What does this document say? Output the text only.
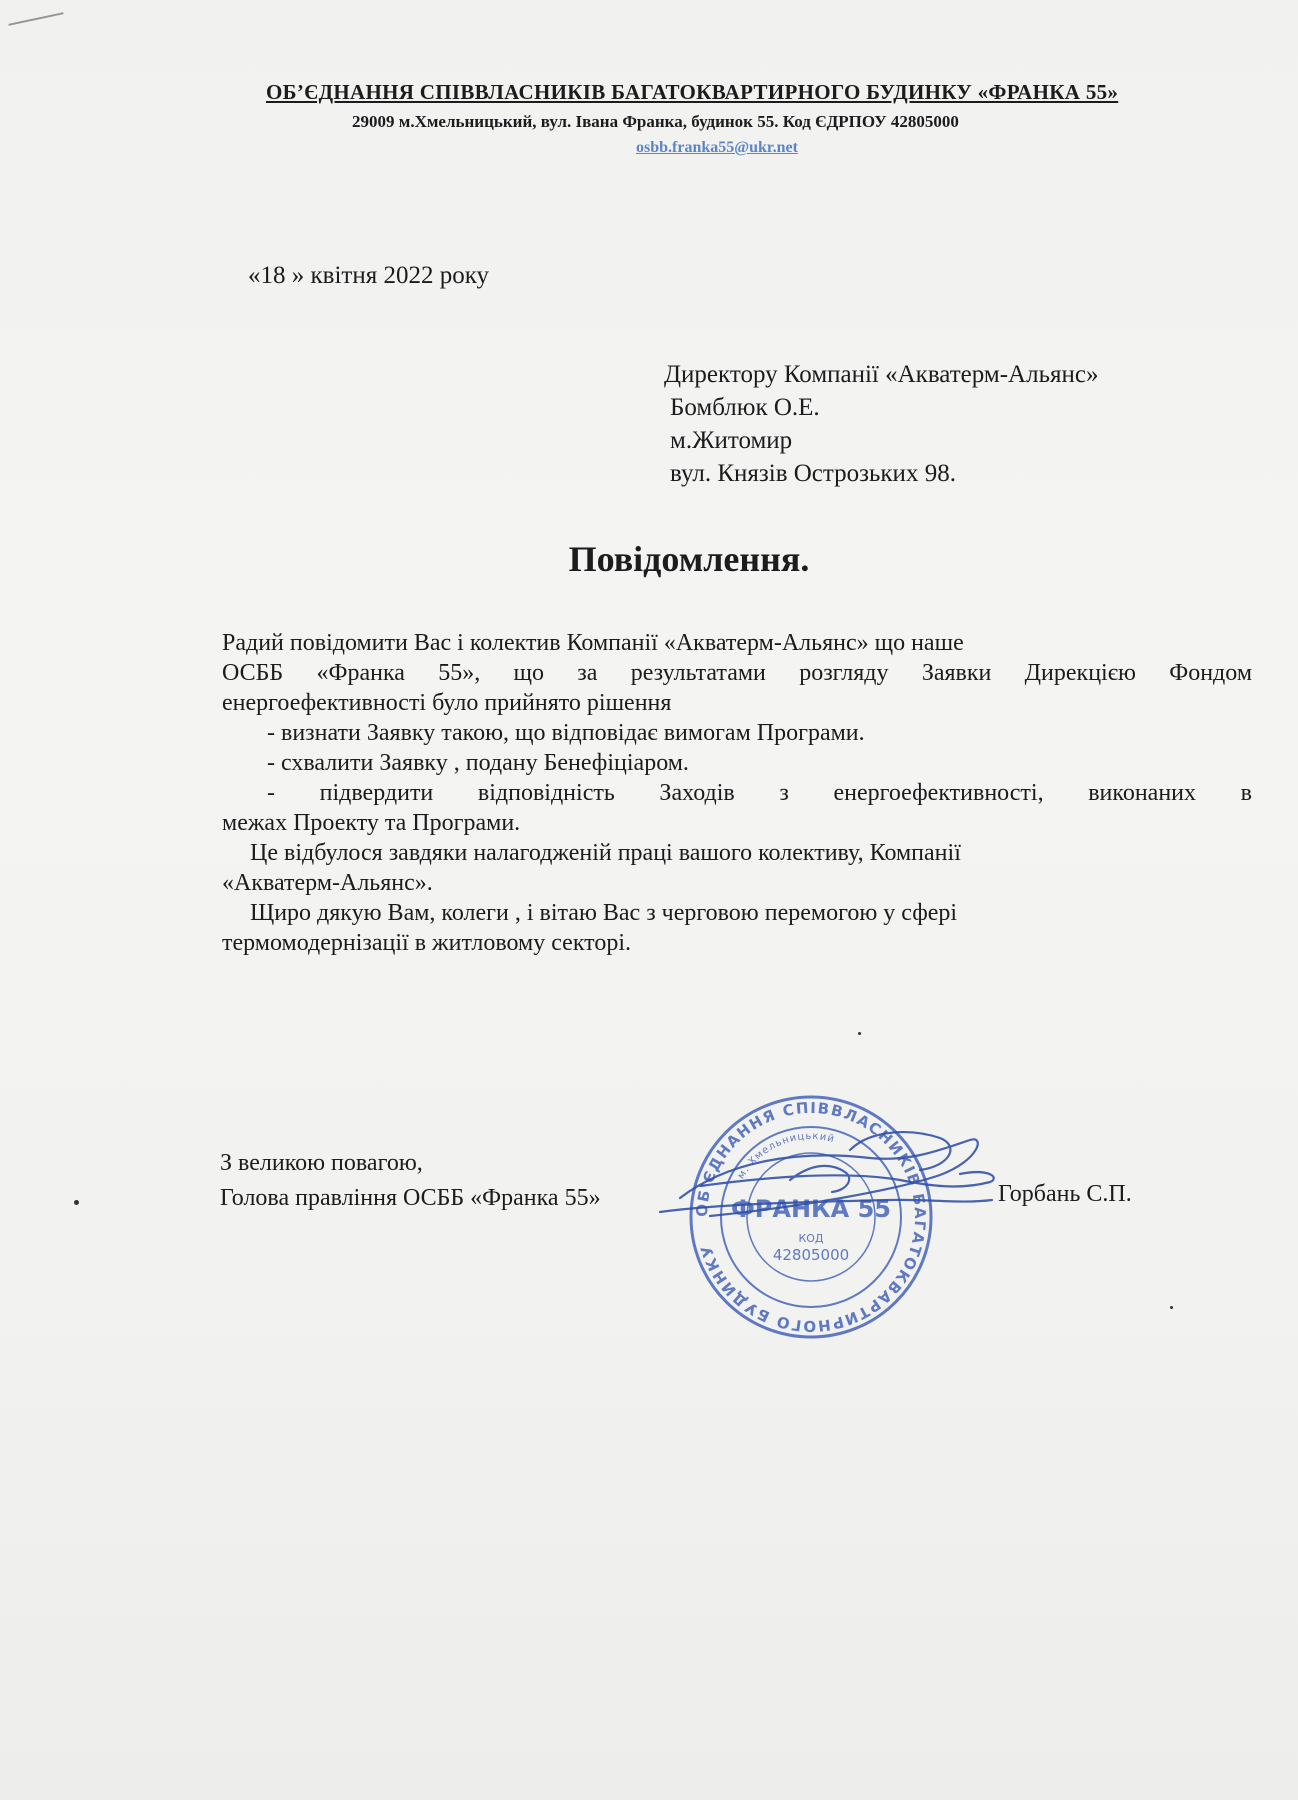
ОБ’ЄДНАННЯ СПІВВЛАСНИКІВ БАГАТОКВАРТИРНОГО БУДИНКУ «ФРАНКА 55»
29009 м.Хмельницький, вул. Івана Франка, будинок 55. Код ЄДРПОУ 42805000
osbb.franka55@ukr.net
«18 » квітня 2022 року
Директору Компанії «Акватерм-Альянс»
Бомблюк О.Е.
м.Житомир
вул. Князів Острозьких 98.
Повідомлення.
Радий повідомити Вас і колектив Компанії «Акватерм-Альянс» що наше
ОСББ «Франка 55», що за результатами розгляду Заявки Дирекцією Фондом
енергоефективності було прийнято рішення
- визнати Заявку такою, що відповідає вимогам Програми.
- схвалити Заявку , подану Бенефіціаром.
- підвердити відповідність Заходів з енергоефективності, виконаних в
межах Проекту та Програми.
Це відбулося завдяки налагодженій праці вашого колективу, Компанії
«Акватерм-Альянс».
Щиро дякую Вам, колеги , і вітаю Вас з черговою перемогою у сфері
термомодернізації в житловому секторі.
З великою повагою,
Голова правління ОСББ «Франка 55»	Горбань С.П.
ОБ'ЄДНАННЯ СПІВВЛАСНИКІВ БАГАТОКВАРТИРНОГО БУДИНКУ
м. Хмельницький
ФРАНКА 55
КОД
42805000
